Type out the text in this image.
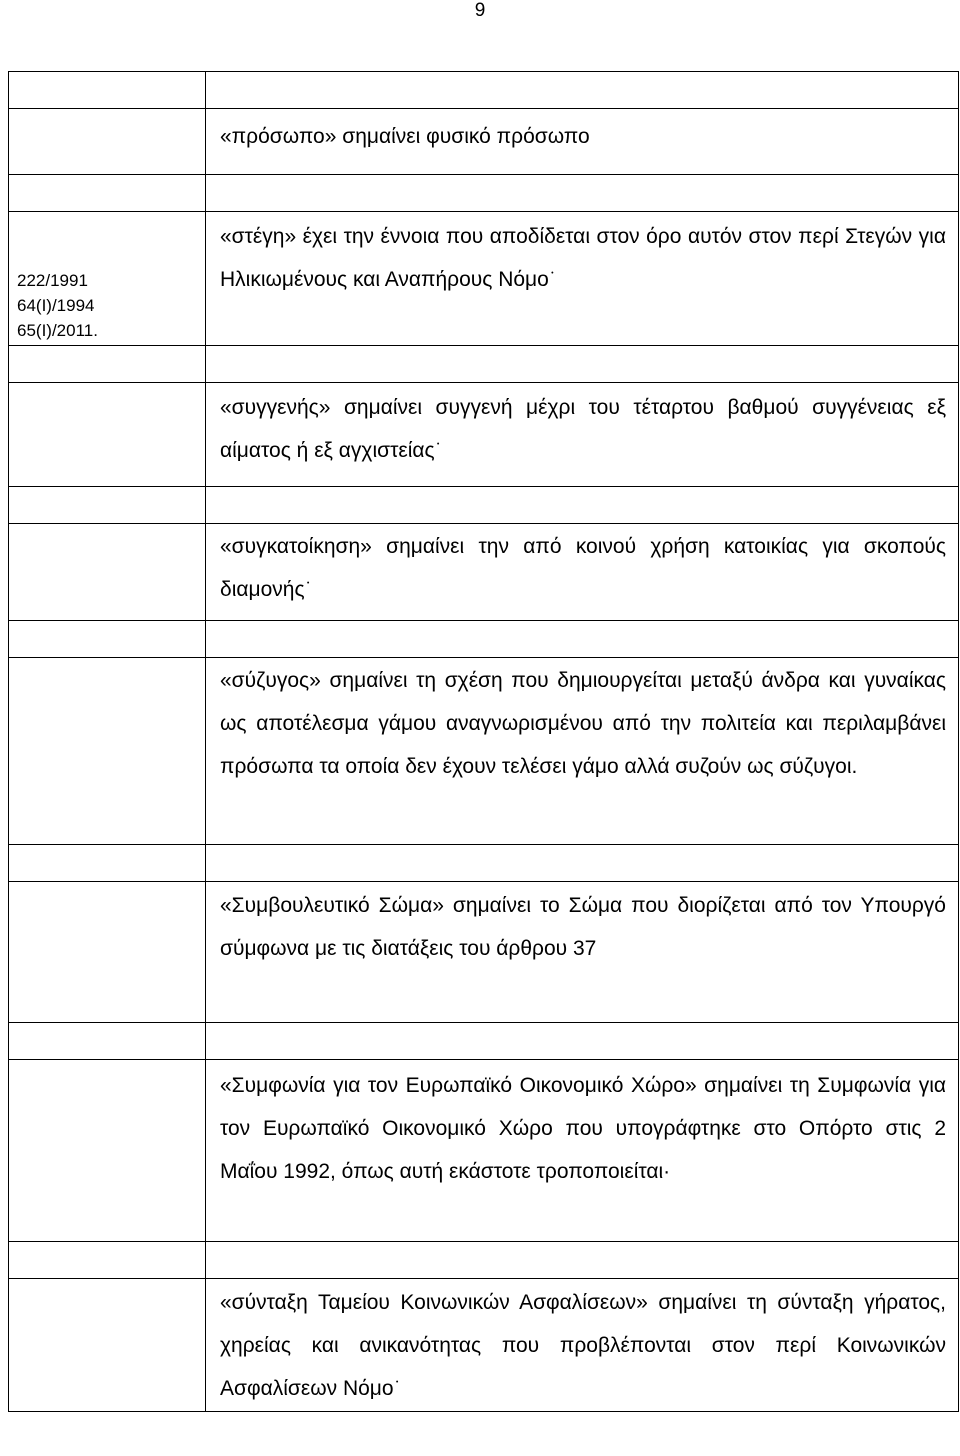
9

	«πρόσωπο» σημαίνει φυσικό πρόσωπο

222/1991
64(Ι)/1994
65(Ι)/2011.	«στέγη» έχει την έννοια που αποδίδεται στον όρο αυτόν στον περί Στεγών για Ηλικιωμένους και Αναπήρους Νόμο͘

	«συγγενής» σημαίνει συγγενή μέχρι του τέταρτου βαθμού συγγένειας εξ αίματος ή εξ αγχιστείας͘

	«συγκατοίκηση» σημαίνει την από κοινού χρήση κατοικίας για σκοπούς διαμονής͘

	«σύζυγος» σημαίνει τη σχέση που δημιουργείται μεταξύ άνδρα και γυναίκας ως αποτέλεσμα γάμου αναγνωρισμένου από την πολιτεία και περιλαμβάνει πρόσωπα τα οποία δεν έχουν τελέσει γάμο αλλά συζούν ως σύζυγοι.

	«Συμβουλευτικό Σώμα» σημαίνει το Σώμα που διορίζεται από τον Υπουργό σύμφωνα με τις διατάξεις του άρθρου 37

	«Συμφωνία για τον Ευρωπαϊκό Οικονομικό Χώρο» σημαίνει τη Συμφωνία για τον Ευρωπαϊκό Οικονομικό Χώρο που υπογράφτηκε στο Οπόρτο στις 2 Μαΐου 1992, όπως αυτή εκάστοτε τροποποιείται·

	«σύνταξη Ταμείου Κοινωνικών Ασφαλίσεων» σημαίνει τη σύνταξη γήρατος, χηρείας και ανικανότητας που προβλέπονται στον περί Κοινωνικών Ασφαλίσεων Νόμο͘
